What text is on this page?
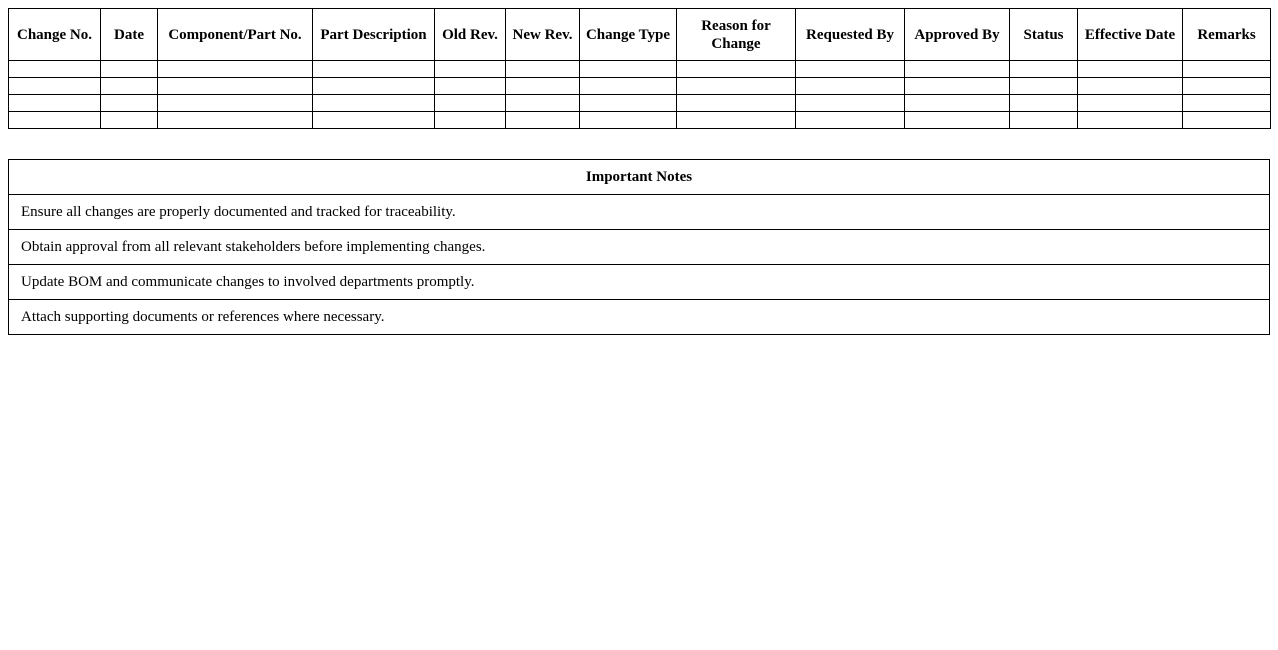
Change No.	Date	Component/Part No.	Part Description	Old Rev.	New Rev.	Change Type	Reason for Change	Requested By	Approved By	Status	Effective Date	Remarks

Important Notes
Ensure all changes are properly documented and tracked for traceability.
Obtain approval from all relevant stakeholders before implementing changes.
Update BOM and communicate changes to involved departments promptly.
Attach supporting documents or references where necessary.
